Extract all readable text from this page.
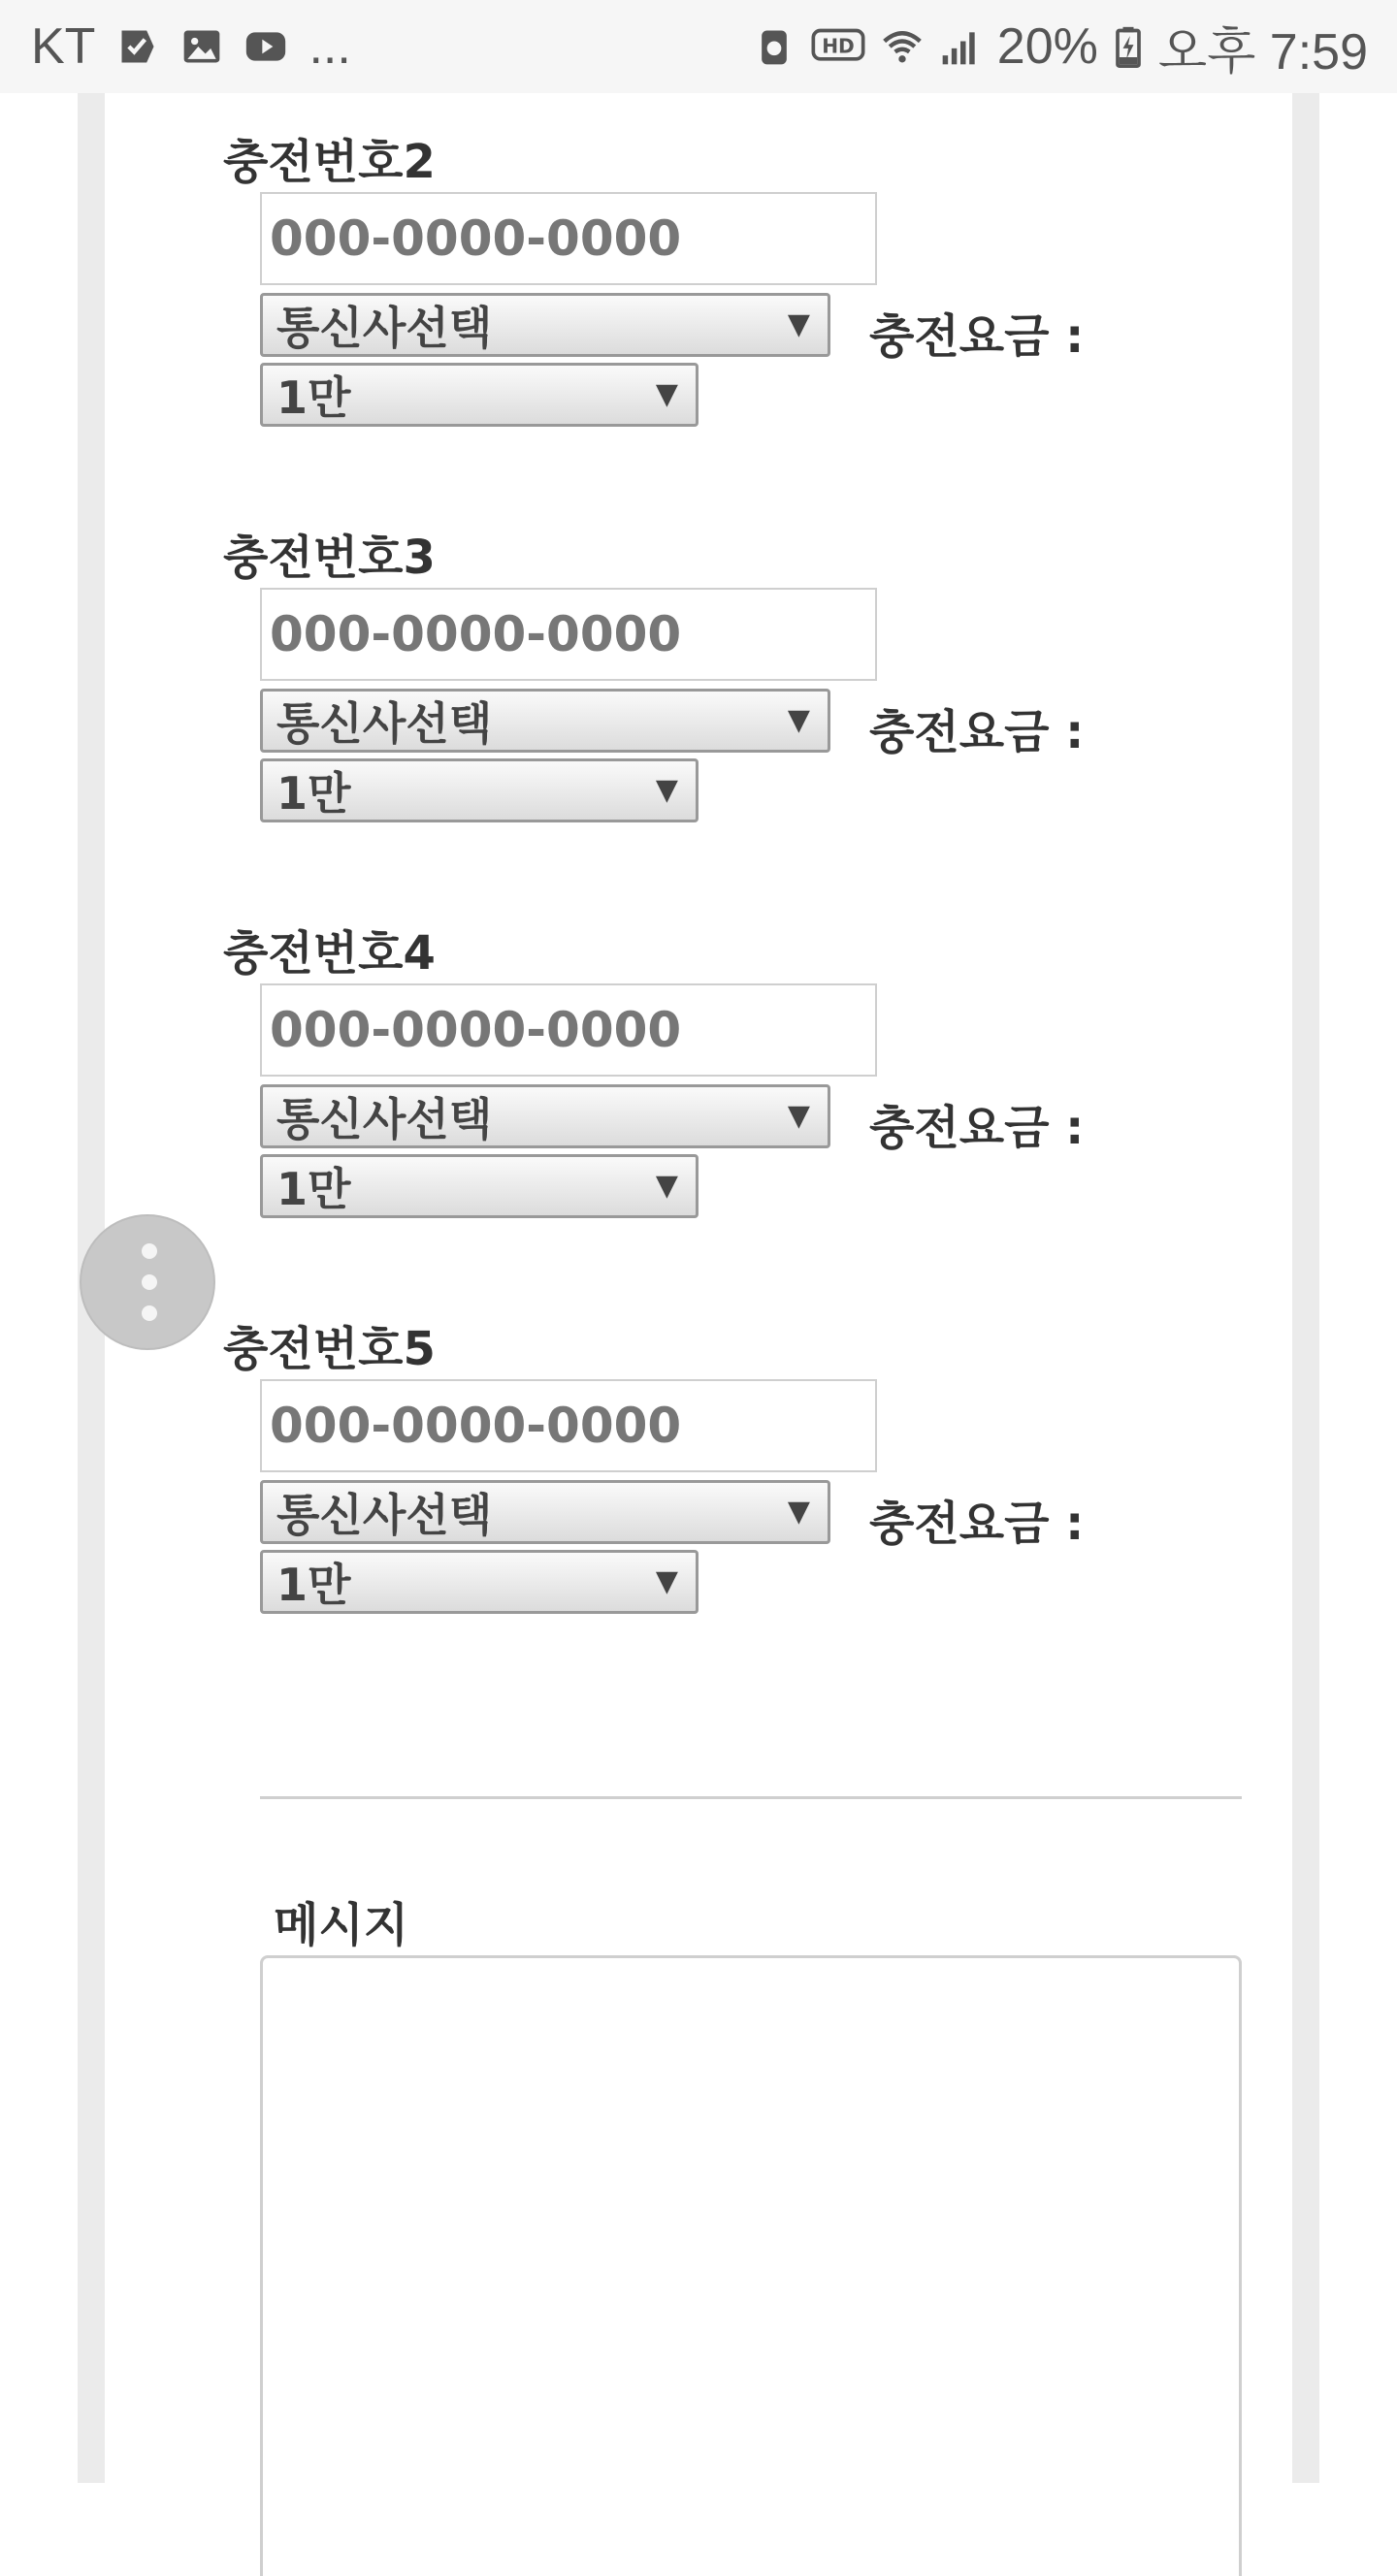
KT	...	HD	20% 오후 7:59
충전번호2
000-0000-0000
통신사선택	▼ 충전요금 :
1만	▼
충전번호3
000-0000-0000
통신사선택	▼ 충전요금 :
1만	▼
충전번호4
000-0000-0000
통신사선택	▼ 충전요금 :
1만	▼
충전번호5
000-0000-0000
통신사선택	▼ 충전요금 :
1만	▼
메시지
